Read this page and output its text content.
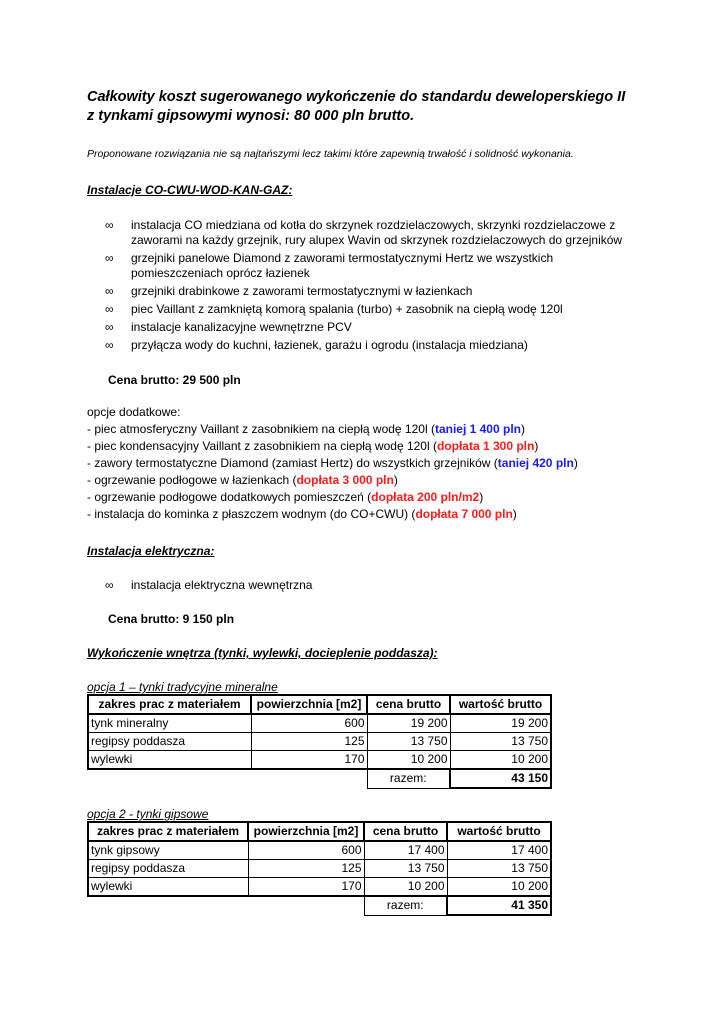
Całkowity koszt sugerowanego wykończenie do standardu deweloperskiego II
z tynkami gipsowymi wynosi: 80 000 pln brutto.

Proponowane rozwiązania nie są najtańszymi lecz takimi które zapewnią trwałość i solidność wykonania.
Instalacje CO-CWU-WOD-KAN-GAZ:
∞ instalacja CO miedziana od kotła do skrzynek rozdzielaczowych, skrzynki rozdzielaczowe z zaworami na każdy grzejnik, rury alupex Wavin od skrzynek rozdzielaczowych do grzejników
∞ grzejniki panelowe Diamond z zaworami termostatycznymi Hertz we wszystkich pomieszczeniach oprócz łazienek
∞ grzejniki drabinkowe z zaworami termostatycznymi w łazienkach
∞ piec Vaillant z zamkniętą komorą spalania (turbo) + zasobnik na ciepłą wodę 120l
∞ instalacje kanalizacyjne wewnętrzne PCV
∞ przyłącza wody do kuchni, łazienek, garażu i ogrodu (instalacja miedziana)
Cena brutto: 29 500 pln
opcje dodatkowe:
- piec atmosferyczny Vaillant z zasobnikiem na ciepłą wodę 120l (taniej 1 400 pln)
- piec kondensacyjny Vaillant z zasobnikiem na ciepłą wodę 120l (dopłata 1 300 pln)
- zawory termostatyczne Diamond (zamiast Hertz) do wszystkich grzejników (taniej 420 pln)
- ogrzewanie podłogowe w łazienkach (dopłata 3 000 pln)
- ogrzewanie podłogowe dodatkowych pomieszczeń (dopłata 200 pln/m2)
- instalacja do kominka z płaszczem wodnym (do CO+CWU) (dopłata 7 000 pln)
Instalacja elektryczna:
∞ instalacja elektryczna wewnętrzna
Cena brutto: 9 150 pln
Wykończenie wnętrza (tynki, wylewki, docieplenie poddasza):
opcja 1 – tynki tradycyjne mineralne
zakres prac z materiałem	powierzchnia [m2]	cena brutto	wartość brutto
tynk mineralny	600	19 200	19 200
regipsy poddasza	125	13 750	13 750
wylewki	170	10 200	10 200
		razem:	43 150
opcja 2 - tynki gipsowe
zakres prac z materiałem	powierzchnia [m2]	cena brutto	wartość brutto
tynk gipsowy	600	17 400	17 400
regipsy poddasza	125	13 750	13 750
wylewki	170	10 200	10 200
		razem:	41 350
